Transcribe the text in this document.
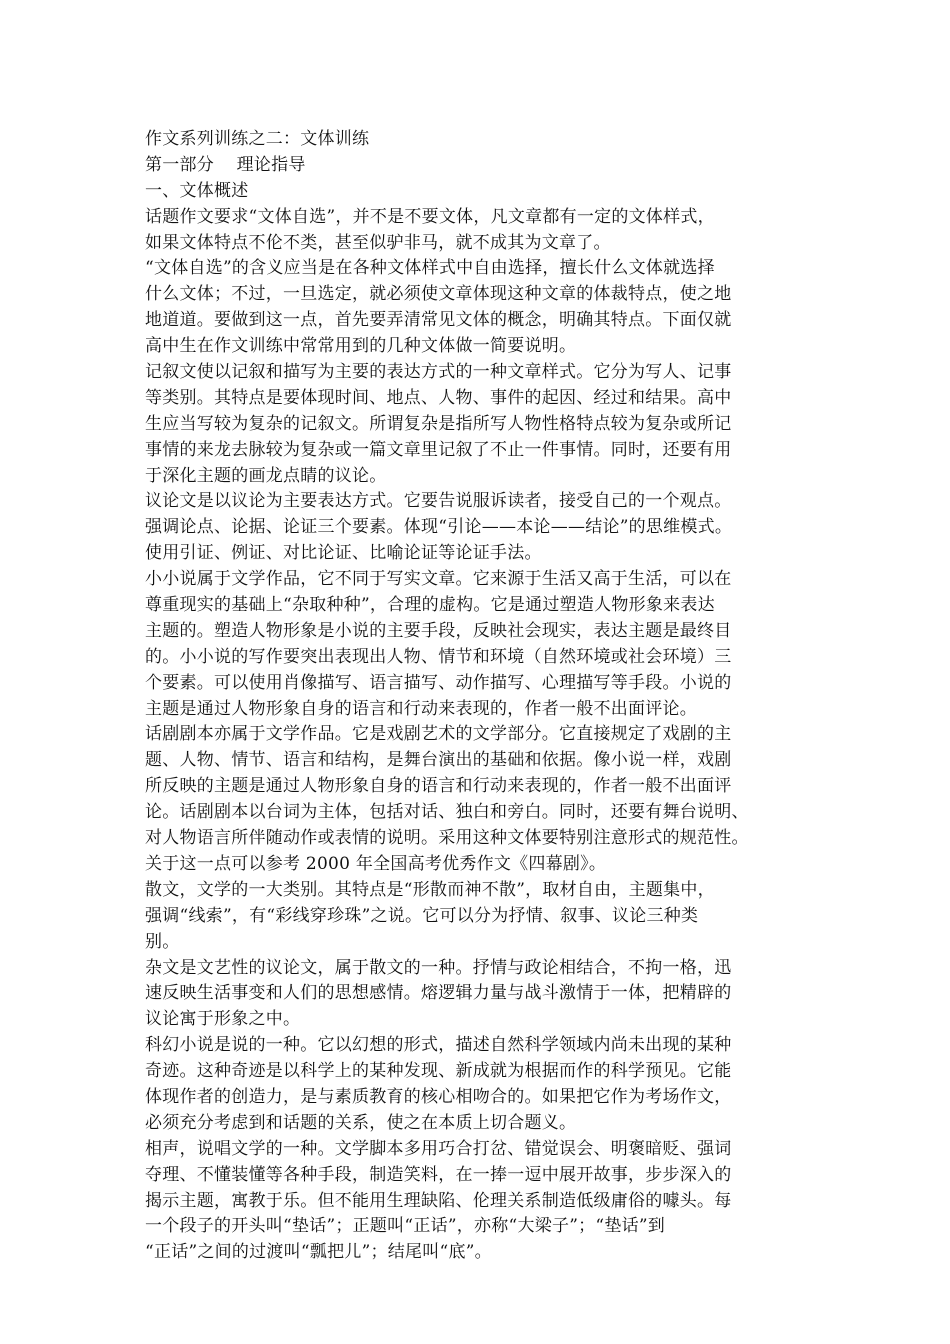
作文系列训练之二：文体训练
第一部分    理论指导
一、文体概述
话题作文要求“文体自选”，并不是不要文体，凡文章都有一定的文体样式，
如果文体特点不伦不类，甚至似驴非马，就不成其为文章了。
“文体自选”的含义应当是在各种文体样式中自由选择，擅长什么文体就选择
什么文体；不过，一旦选定，就必须使文章体现这种文章的体裁特点，使之地
地道道。要做到这一点，首先要弄清常见文体的概念，明确其特点。下面仅就
高中生在作文训练中常常用到的几种文体做一简要说明。
记叙文使以记叙和描写为主要的表达方式的一种文章样式。它分为写人、记事
等类别。其特点是要体现时间、地点、人物、事件的起因、经过和结果。高中
生应当写较为复杂的记叙文。所谓复杂是指所写人物性格特点较为复杂或所记
事情的来龙去脉较为复杂或一篇文章里记叙了不止一件事情。同时，还要有用
于深化主题的画龙点睛的议论。
议论文是以议论为主要表达方式。它要告说服诉读者，接受自己的一个观点。
强调论点、论据、论证三个要素。体现“引论——本论——结论”的思维模式。
使用引证、例证、对比论证、比喻论证等论证手法。
小小说属于文学作品，它不同于写实文章。它来源于生活又高于生活，可以在
尊重现实的基础上“杂取种种”，合理的虚构。它是通过塑造人物形象来表达
主题的。塑造人物形象是小说的主要手段，反映社会现实，表达主题是最终目
的。小小说的写作要突出表现出人物、情节和环境（自然环境或社会环境）三
个要素。可以使用肖像描写、语言描写、动作描写、心理描写等手段。小说的
主题是通过人物形象自身的语言和行动来表现的，作者一般不出面评论。
话剧剧本亦属于文学作品。它是戏剧艺术的文学部分。它直接规定了戏剧的主
题、人物、情节、语言和结构，是舞台演出的基础和依据。像小说一样，戏剧
所反映的主题是通过人物形象自身的语言和行动来表现的，作者一般不出面评
论。话剧剧本以台词为主体，包括对话、独白和旁白。同时，还要有舞台说明、
对人物语言所伴随动作或表情的说明。采用这种文体要特别注意形式的规范性。
关于这一点可以参考 2000 年全国高考优秀作文《四幕剧》。
散文，文学的一大类别。其特点是“形散而神不散”，取材自由，主题集中，
强调“线索”，有“彩线穿珍珠”之说。它可以分为抒情、叙事、议论三种类
别。
杂文是文艺性的议论文，属于散文的一种。抒情与政论相结合，不拘一格，迅
速反映生活事变和人们的思想感情。熔逻辑力量与战斗激情于一体，把精辟的
议论寓于形象之中。
科幻小说是说的一种。它以幻想的形式，描述自然科学领域内尚未出现的某种
奇迹。这种奇迹是以科学上的某种发现、新成就为根据而作的科学预见。它能
体现作者的创造力，是与素质教育的核心相吻合的。如果把它作为考场作文，
必须充分考虑到和话题的关系，使之在本质上切合题义。
相声，说唱文学的一种。文学脚本多用巧合打岔、错觉误会、明褒暗贬、强词
夺理、不懂装懂等各种手段，制造笑料，在一捧一逗中展开故事，步步深入的
揭示主题，寓教于乐。但不能用生理缺陷、伦理关系制造低级庸俗的噱头。每
一个段子的开头叫“垫话”；正题叫“正话”，亦称“大梁子”；“垫话”到
“正话”之间的过渡叫“瓢把儿”；结尾叫“底”。
